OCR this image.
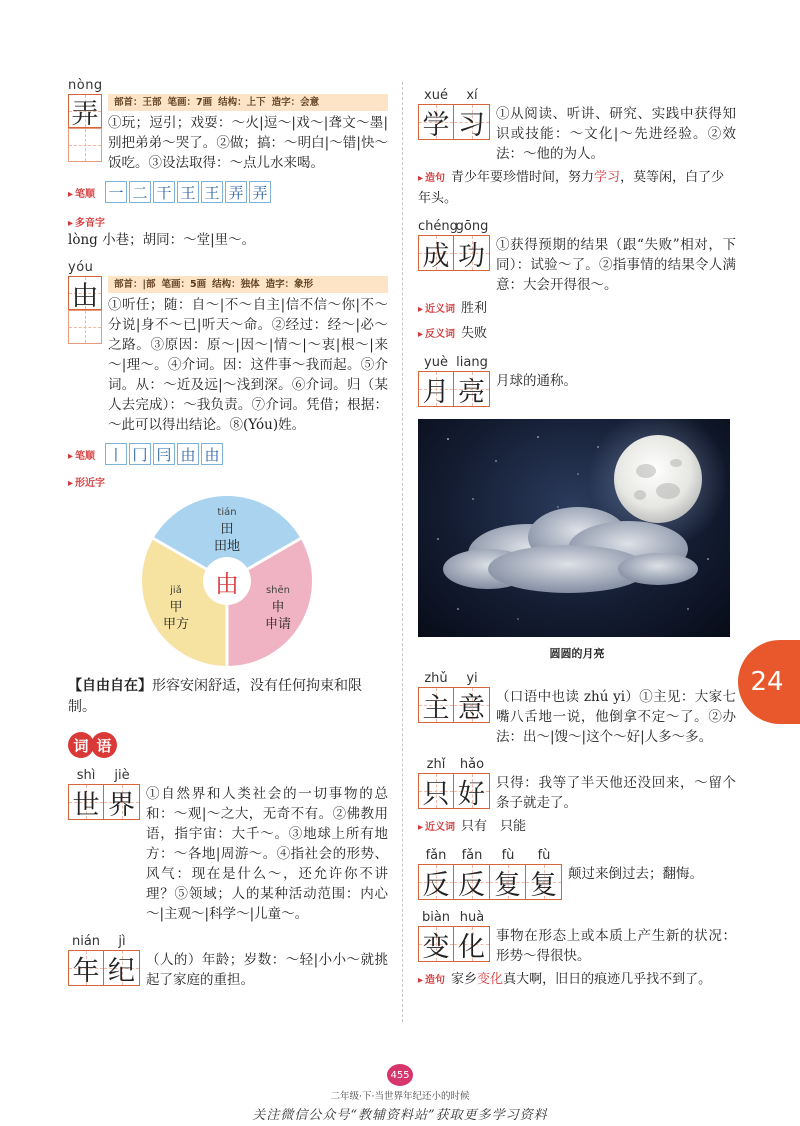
nòng
弄	部首：王部 笔画：7画 结构：上下 造字：会意
①玩；逗引；戏耍：～火|逗～|戏～|聋文～墨|别把弟弟～哭了。②做；搞：～明白|～错|快～饭吃。③设法取得：～点儿水来喝。
▸ 笔顺 一 二 干 王 王 弄 弄
▸ 多音字
lòng 小巷；胡同：～堂|里～。
yóu
由	部首：|部 笔画：5画 结构：独体 造字：象形
①听任；随：自～|不～自主|信不信～你|不～分说|身不～已|听天～命。②经过：经～|必～之路。③原因：原～|因～|情～|～衷|根～|来～|理～。④介词。因：这件事～我而起。⑤介词。从：～近及远|～浅到深。⑥介词。归（某人去完成）：～我负责。⑦介词。凭借；根据：～此可以得出结论。⑧(Yóu)姓。
▸ 笔顺 丨 冂 冃 由 由
▸ 形近字
tián
田
田地
jiǎ
甲
甲方
shēn
申
申请
由
【自由自在】形容安闲舒适，没有任何拘束和限制。
词 语
shì	jiè
世 界 ①自然界和人类社会的一切事物的总和：～观|～之大，无奇不有。②佛教用语，指宇宙：大千～。③地球上所有地方：～各地|周游～。④指社会的形势、风气：现在是什么～，还允许你不讲理？⑤领域；人的某种活动范围：内心～|主观～|科学～|儿童～。
nián	jì
年 纪 （人的）年龄；岁数：～轻|小小～就挑起了家庭的重担。
xué	xí
学 习 ①从阅读、听讲、研究、实践中获得知识或技能：～文化|～先进经验。②效法：～他的为人。
▸ 造句 青少年要珍惜时间，努力学习，莫等闲，白了少年头。
chéng
gōng
成 功 ①获得预期的结果（跟“失败”相对，下同）：试验～了。②指事情的结果令人满意：大会开得很～。
▸ 近义词 胜利
▸ 反义词 失败
yuè liang
月 亮 月球的通称。
圆圆的月亮
zhǔ	yi
主 意 （口语中也读 zhú yi）①主见：大家七嘴八舌地一说，他倒拿不定～了。②办法：出～|馊～|这个～好|人多～多。
zhǐ	hǎo
只 好 只得：我等了半天他还没回来，～留个条子就走了。
▸ 近义词 只有　只能
fǎn	fǎn	fù	fù
反 反 复 复 颠过来倒过去；翻悔。
biàn huà
变 化 事物在形态上或本质上产生新的状况：形势～得很快。
▸ 造句 家乡变化真大啊，旧日的痕迹几乎找不到了。
24
455
二年级·下·当世界年纪还小的时候
关注微信公众号“教辅资料站”获取更多学习资料
